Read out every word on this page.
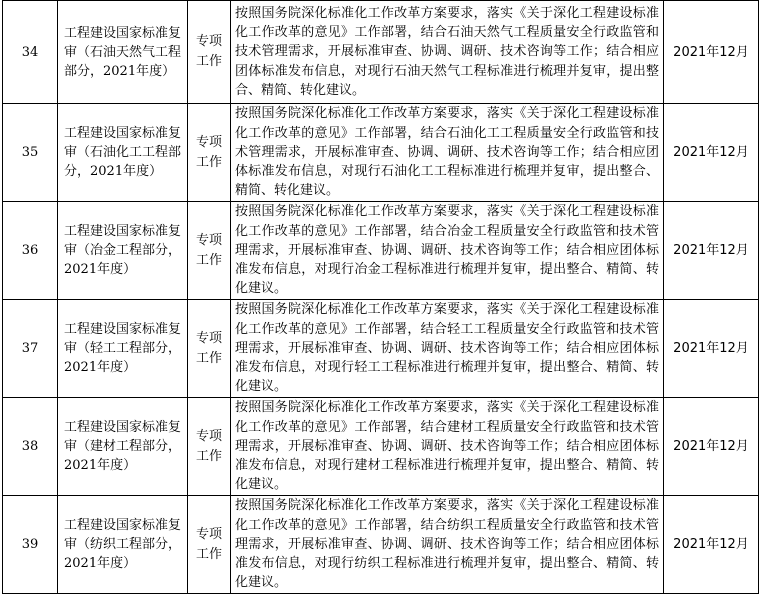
34	工程建设国家标准复审（石油天然气工程部分，2021年度）	专项工作	按照国务院深化标准化工作改革方案要求，落实《关于深化工程建设标准化工作改革的意见》工作部署，结合石油天然气工程质量安全行政监管和技术管理需求，开展标准审查、协调、调研、技术咨询等工作；结合相应团体标准发布信息，对现行石油天然气工程标准进行梳理并复审，提出整合、精简、转化建议。	2021年12月
35	工程建设国家标准复审（石油化工工程部分，2021年度）	专项工作	按照国务院深化标准化工作改革方案要求，落实《关于深化工程建设标准化工作改革的意见》工作部署，结合石油化工工程质量安全行政监管和技术管理需求，开展标准审查、协调、调研、技术咨询等工作；结合相应团体标准发布信息，对现行石油化工工程标准进行梳理并复审，提出整合、精简、转化建议。	2021年12月
36	工程建设国家标准复审（冶金工程部分，2021年度）	专项工作	按照国务院深化标准化工作改革方案要求，落实《关于深化工程建设标准化工作改革的意见》工作部署，结合冶金工程质量安全行政监管和技术管理需求，开展标准审查、协调、调研、技术咨询等工作；结合相应团体标准发布信息，对现行冶金工程标准进行梳理并复审，提出整合、精简、转化建议。	2021年12月
37	工程建设国家标准复审（轻工工程部分，2021年度）	专项工作	按照国务院深化标准化工作改革方案要求，落实《关于深化工程建设标准化工作改革的意见》工作部署，结合轻工工程质量安全行政监管和技术管理需求，开展标准审查、协调、调研、技术咨询等工作；结合相应团体标准发布信息，对现行轻工工程标准进行梳理并复审，提出整合、精简、转化建议。	2021年12月
38	工程建设国家标准复审（建材工程部分，2021年度）	专项工作	按照国务院深化标准化工作改革方案要求，落实《关于深化工程建设标准化工作改革的意见》工作部署，结合建材工程质量安全行政监管和技术管理需求，开展标准审查、协调、调研、技术咨询等工作；结合相应团体标准发布信息，对现行建材工程标准进行梳理并复审，提出整合、精简、转化建议。	2021年12月
39	工程建设国家标准复审（纺织工程部分，2021年度）	专项工作	按照国务院深化标准化工作改革方案要求，落实《关于深化工程建设标准化工作改革的意见》工作部署，结合纺织工程质量安全行政监管和技术管理需求，开展标准审查、协调、调研、技术咨询等工作；结合相应团体标准发布信息，对现行纺织工程标准进行梳理并复审，提出整合、精简、转化建议。	2021年12月
